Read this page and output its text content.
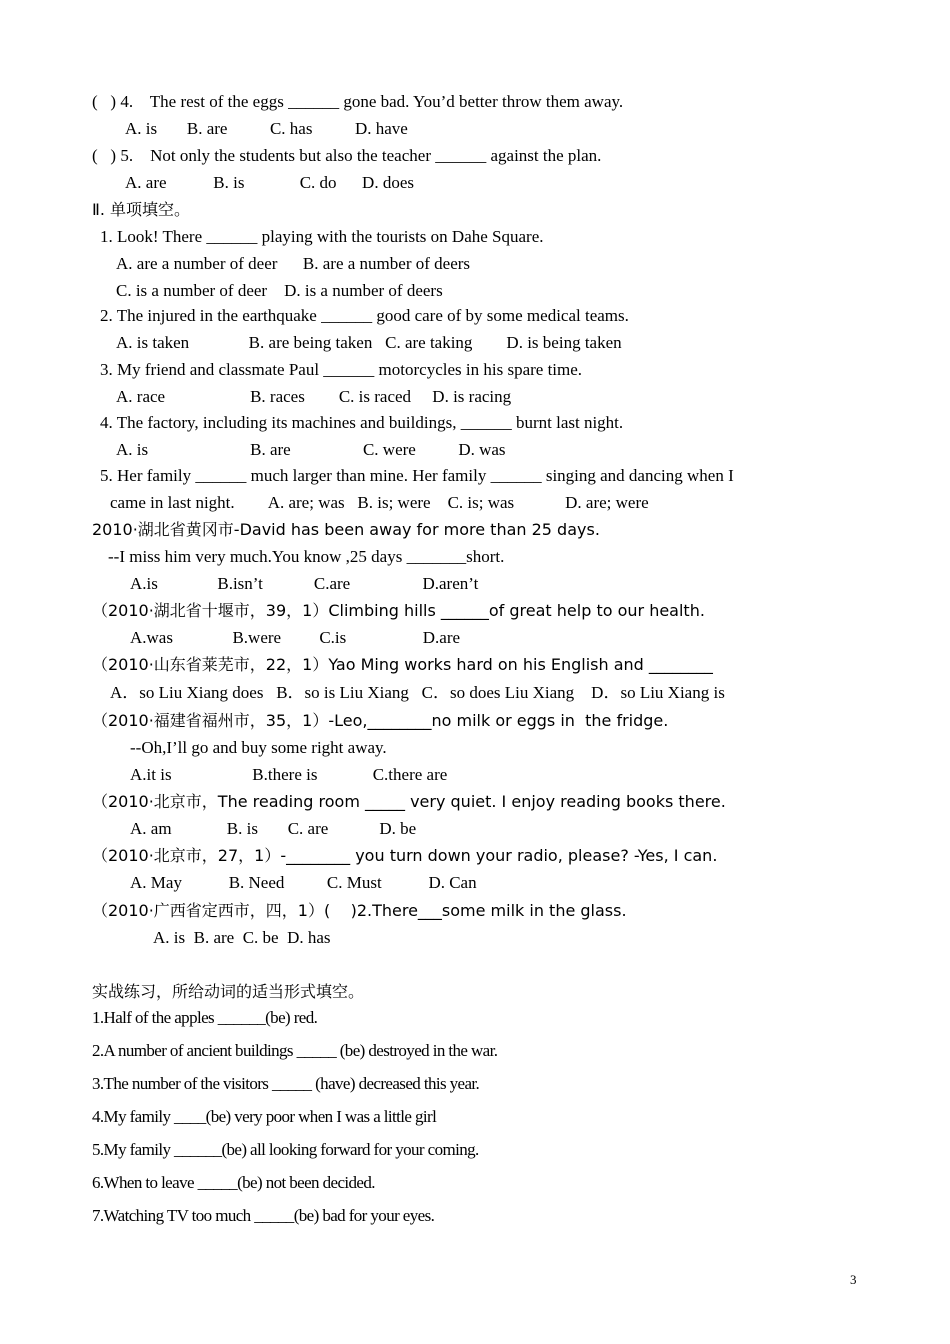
(   ) 4.    The rest of the eggs ______ gone bad. You’d better throw them away.
A. is       B. are          C. has          D. have
(   ) 5.    Not only the students but also the teacher ______ against the plan.
A. are           B. is             C. do      D. does
Ⅱ. 单项填空。
1. Look! There ______ playing with the tourists on Dahe Square.
A. are a number of deer      B. are a number of deers
C. is a number of deer    D. is a number of deers
2. The injured in the earthquake ______ good care of by some medical teams.
A. is taken              B. are being taken   C. are taking        D. is being taken
3. My friend and classmate Paul ______ motorcycles in his spare time.
A. race                    B. races        C. is raced     D. is racing
4. The factory, including its machines and buildings, ______ burnt last night.
A. is                        B. are                 C. were          D. was
5. Her family ______ much larger than mine. Her family ______ singing and dancing when I
came in last night.        A. are; was   B. is; were    C. is; was            D. are; were
2010·湖北省黄冈市-David has been away for more than 25 days.
--I miss him very much.You know ,25 days _______short.
A.is              B.isn’t            C.are                 D.aren’t
（2010·湖北省十堰市，39，1）Climbing hills ______of great help to our health.
A.was              B.were         C.is                  D.are
（2010·山东省莱芜市，22，1）Yao Ming works hard on his English and ________
A．so Liu Xiang does   B．so is Liu Xiang   C．so does Liu Xiang    D．so Liu Xiang is
（2010·福建省福州市，35，1）-Leo,________no milk or eggs in  the fridge.
--Oh,I’ll go and buy some right away.
A.it is                   B.there is             C.there are
（2010·北京市，The reading room _____ very quiet. I enjoy reading books there.
A. am             B. is       C. are            D. be
（2010·北京市，27，1）-________ you turn down your radio, please? -Yes, I can.
A. May           B. Need          C. Must           D. Can
（2010·广西省定西市，四，1）(    )2.There___some milk in the glass.
A. is  B. are  C. be  D. has
实战练习，所给动词的适当形式填空。
1.Half of the apples ______(be) red.
2.A number of ancient buildings _____ (be) destroyed in the war.
3.The number of the visitors _____ (have) decreased this year.
4.My family ____(be) very poor when I was a little girl
5.My family ______(be) all looking forward for your coming.
6.When to leave _____(be) not been decided.
7.Watching TV too much _____(be) bad for your eyes.
3
